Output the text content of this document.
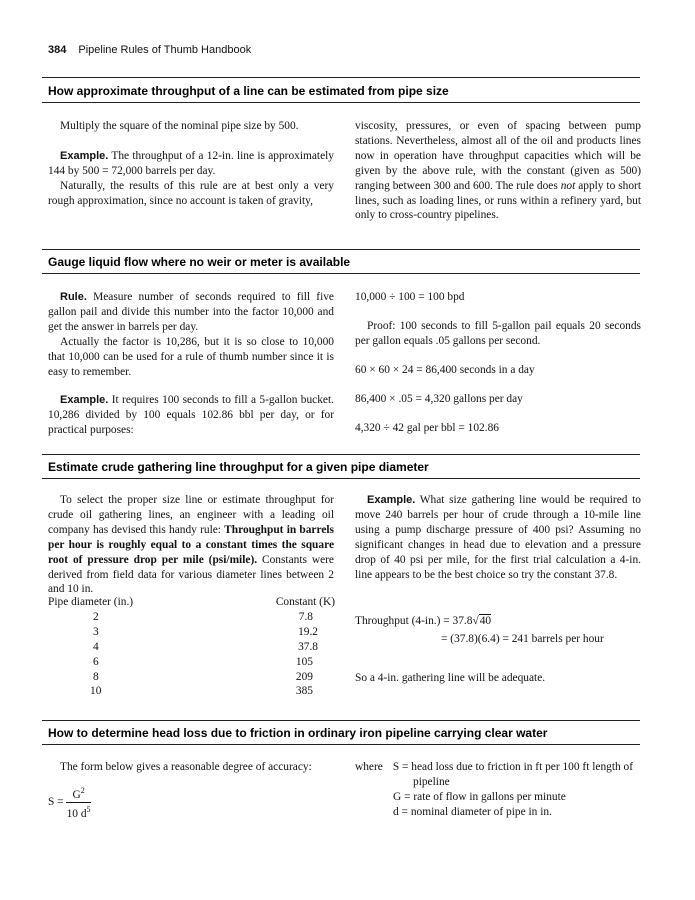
384 Pipeline Rules of Thumb Handbook
How approximate throughput of a line can be estimated from pipe size

Multiply the square of the nominal pipe size by 500.

Example. The throughput of a 12-in. line is approximately 144 by 500 = 72,000 barrels per day.

Naturally, the results of this rule are at best only a very rough approximation, since no account is taken of gravity,

viscosity, pressures, or even of spacing between pump stations. Nevertheless, almost all of the oil and products lines now in operation have throughput capacities which will be given by the above rule, with the constant (given as 500) ranging between 300 and 600. The rule does not apply to short lines, such as loading lines, or runs within a refinery yard, but only to cross-country pipelines.

Gauge liquid flow where no weir or meter is available

Rule. Measure number of seconds required to fill five gallon pail and divide this number into the factor 10,000 and get the answer in barrels per day.

Actually the factor is 10,286, but it is so close to 10,000 that 10,000 can be used for a rule of thumb number since it is easy to remember.

Example. It requires 100 seconds to fill a 5-gallon bucket. 10,286 divided by 100 equals 102.86 bbl per day, or for practical purposes:

10,000 ÷ 100 = 100 bpd

Proof: 100 seconds to fill 5-gallon pail equals 20 seconds per gallon equals .05 gallons per second.

60 × 60 × 24 = 86,400 seconds in a day

86,400 × .05 = 4,320 gallons per day

4,320 ÷ 42 gal per bbl = 102.86

Estimate crude gathering line throughput for a given pipe diameter

To select the proper size line or estimate throughput for crude oil gathering lines, an engineer with a leading oil company has devised this handy rule: Throughput in barrels per hour is roughly equal to a constant times the square root of pressure drop per mile (psi/mile). Constants were derived from field data for various diameter lines between 2 and 10 in.

Pipe diameter (in.)	Constant (K)
2	7.8
3	19.2
4	37.8
6	105
8	209
10	385

Example. What size gathering line would be required to move 240 barrels per hour of crude through a 10-mile line using a pump discharge pressure of 400 psi? Assuming no significant changes in head due to elevation and a pressure drop of 40 psi per mile, for the first trial calculation a 4-in. line appears to be the best choice so try the constant 37.8.

Throughput (4-in.) = 37.8√40
= (37.8)(6.4) = 241 barrels per hour
So a 4-in. gathering line will be adequate.
How to determine head loss due to friction in ordinary iron pipeline carrying clear water

The form below gives a reasonable degree of accuracy:

$S = \frac{G^2}{10 d^5}$
where S = head loss due to friction in ft per 100 ft length of
pipeline
G = rate of flow in gallons per minute
d = nominal diameter of pipe in in.
